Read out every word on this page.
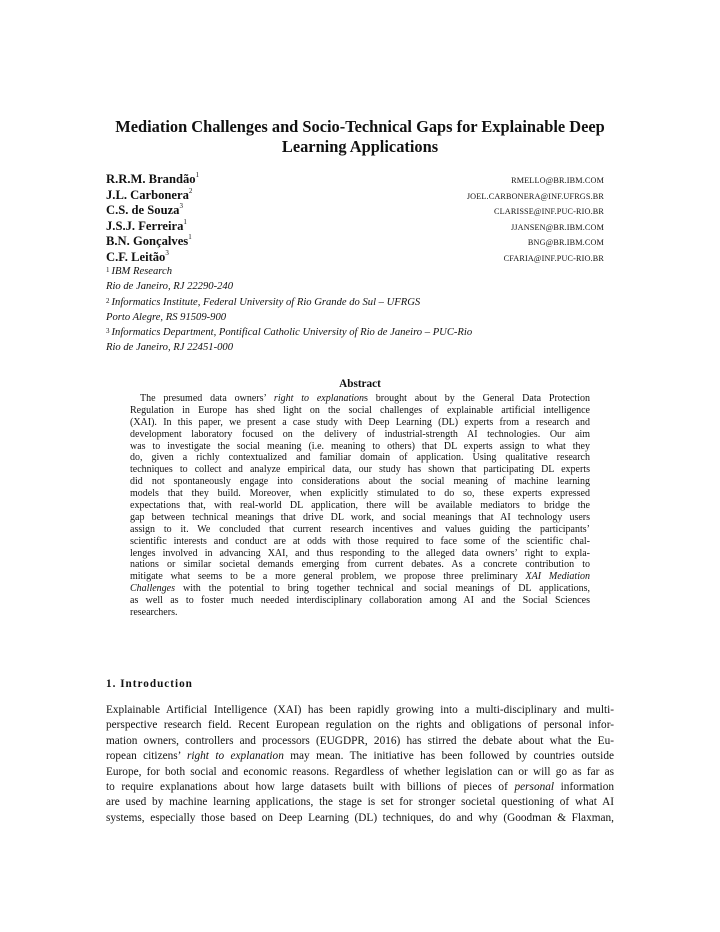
Mediation Challenges and Socio-Technical Gaps for Explainable Deep
Learning Applications
R.R.M. Brandão$^1$
RMELLO@BR.IBM.COM
J.L. Carbonera$^2$
JOEL.CARBONERA@INF.UFRGS.BR
C.S. de Souza$^3$
CLARISSE@INF.PUC-RIO.BR
J.S.J. Ferreira$^1$
JJANSEN@BR.IBM.COM
B.N. Gonçalves$^1$
BNG@BR.IBM.COM
C.F. Leitão$^3$
CFARIA@INF.PUC-RIO.BR
$^1$ IBM Research
Rio de Janeiro, RJ 22290-240
$^2$ Informatics Institute, Federal University of Rio Grande do Sul – UFRGS
Porto Alegre, RS 91509-900
$^3$ Informatics Department, Pontifical Catholic University of Rio de Janeiro – PUC-Rio
Rio de Janeiro, RJ 22451-000
Abstract
The presumed data owners’ right to explanations brought about by the General Data Protection
Regulation in Europe has shed light on the social challenges of explainable artificial intelligence
(XAI). In this paper, we present a case study with Deep Learning (DL) experts from a research and
development laboratory focused on the delivery of industrial-strength AI technologies. Our aim
was to investigate the social meaning (i.e. meaning to others) that DL experts assign to what they
do, given a richly contextualized and familiar domain of application. Using qualitative research
techniques to collect and analyze empirical data, our study has shown that participating DL experts
did not spontaneously engage into considerations about the social meaning of machine learning
models that they build. Moreover, when explicitly stimulated to do so, these experts expressed
expectations that, with real-world DL application, there will be available mediators to bridge the
gap between technical meanings that drive DL work, and social meanings that AI technology users
assign to it. We concluded that current research incentives and values guiding the participants’
scientific interests and conduct are at odds with those required to face some of the scientific chal-
lenges involved in advancing XAI, and thus responding to the alleged data owners’ right to expla-
nations or similar societal demands emerging from current debates. As a concrete contribution to
mitigate what seems to be a more general problem, we propose three preliminary XAI Mediation
Challenges with the potential to bring together technical and social meanings of DL applications,
as well as to foster much needed interdisciplinary collaboration among AI and the Social Sciences
researchers.
1. Introduction
Explainable Artificial Intelligence (XAI) has been rapidly growing into a multi-disciplinary and multi-
perspective research field. Recent European regulation on the rights and obligations of personal infor-
mation owners, controllers and processors (EUGDPR, 2016) has stirred the debate about what the Eu-
ropean citizens’ right to explanation may mean. The initiative has been followed by countries outside
Europe, for both social and economic reasons. Regardless of whether legislation can or will go as far as
to require explanations about how large datasets built with billions of pieces of personal information
are used by machine learning applications, the stage is set for stronger societal questioning of what AI
systems, especially those based on Deep Learning (DL) techniques, do and why (Goodman & Flaxman,
